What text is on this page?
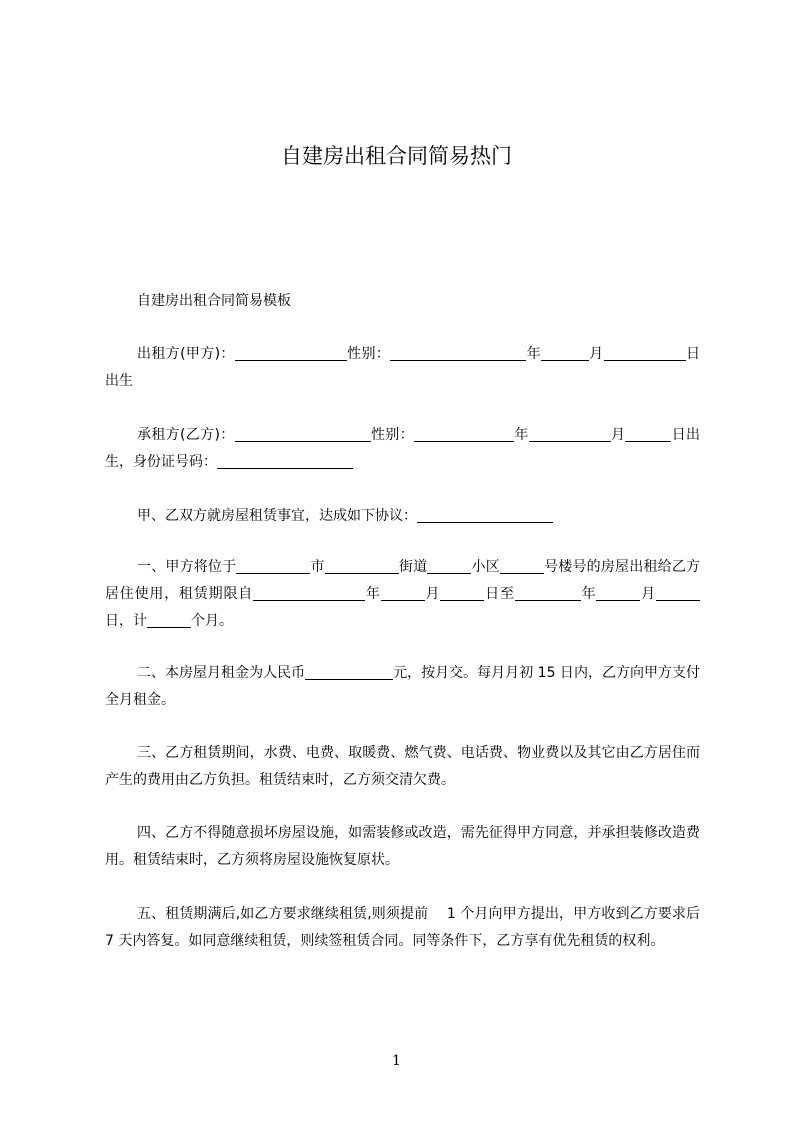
自建房出租合同简易热门
自建房出租合同简易模板
出租方(甲方)：	性别：	年	月	日出生
承租方(乙方)：	性别：	年	月	日出生，身份证号码：
甲、乙双方就房屋租赁事宜，达成如下协议：
一、甲方将位于	市	街道	小区	号楼号的房屋出租给乙方居住使用，租赁期限自	年	月	日至	年	月日，计	个月。
二、本房屋月租金为人民币	元，按月交。每月月初 15 日内，乙方向甲方支付全月租金。
三、乙方租赁期间，水费、电费、取暖费、燃气费、电话费、物业费以及其它由乙方居住而产生的费用由乙方负担。租赁结束时，乙方须交清欠费。
四、乙方不得随意损坏房屋设施，如需装修或改造，需先征得甲方同意，并承担装修改造费用。租赁结束时，乙方须将房屋设施恢复原状。
五、租赁期满后,如乙方要求继续租赁,则须提前　 1 个月向甲方提出，甲方收到乙方要求后 7 天内答复。如同意继续租赁，则续签租赁合同。同等条件下，乙方享有优先租赁的权利。
1
